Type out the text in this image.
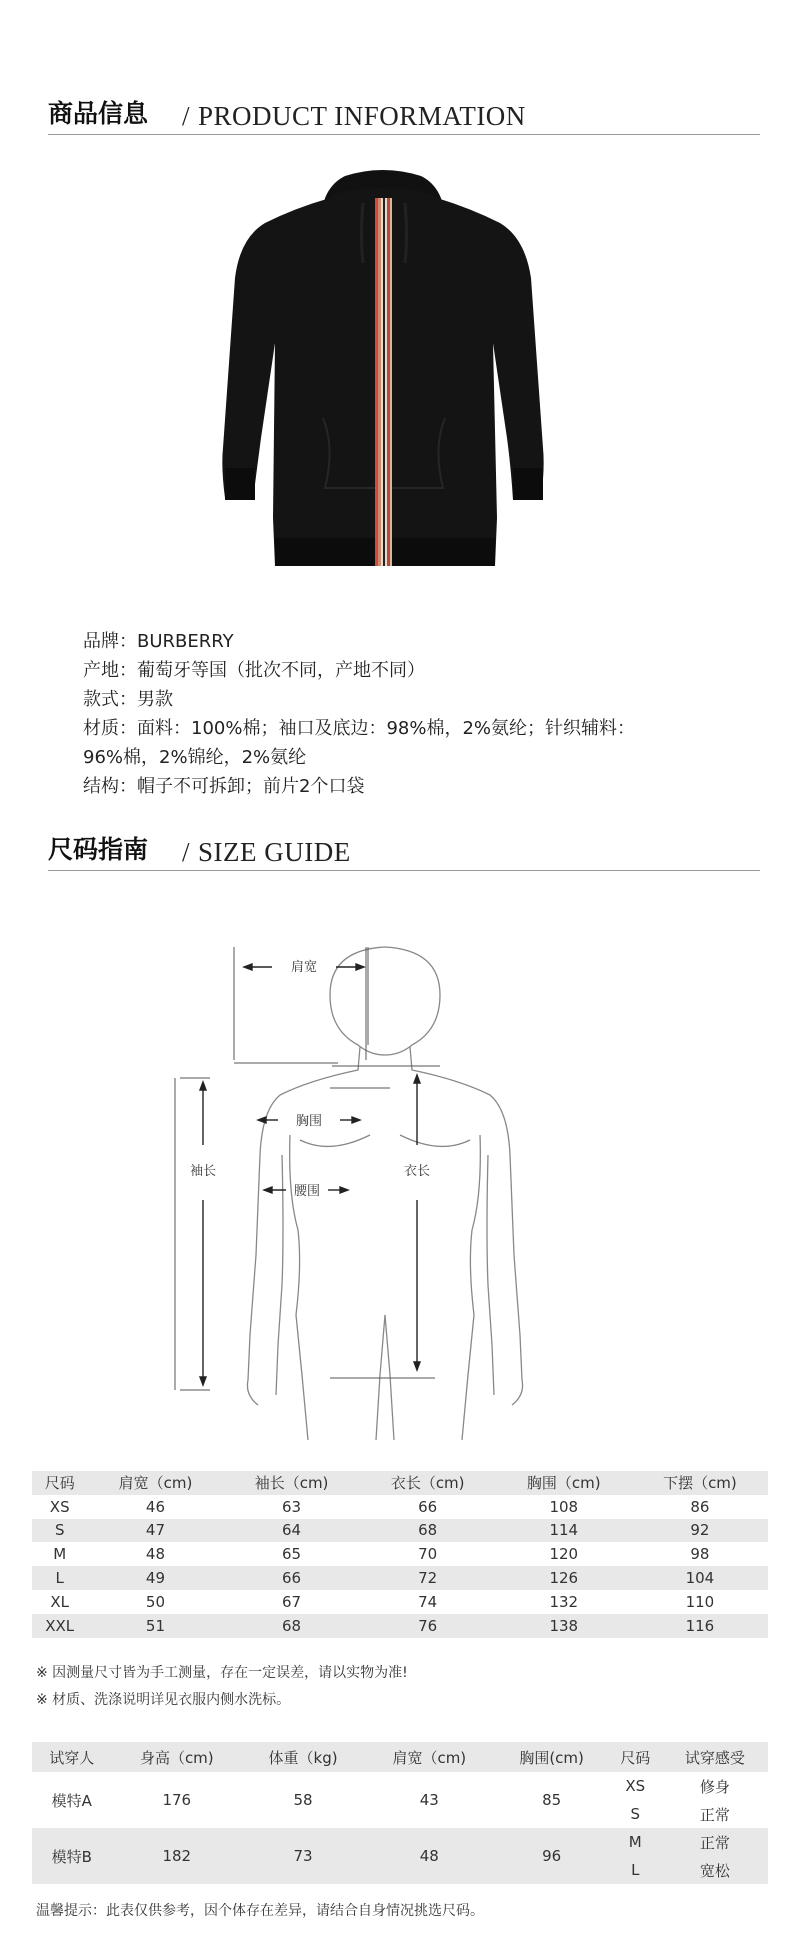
商品信息 / PRODUCT INFORMATION
品牌：BURBERRY
产地：葡萄牙等国（批次不同，产地不同）
款式：男款
材质：面料：100%棉；袖口及底边：98%棉，2%氨纶；针织辅料：
96%棉，2%锦纶，2%氨纶
结构：帽子不可拆卸；前片2个口袋
尺码指南 / SIZE GUIDE
肩宽
胸围
腰围
袖长	衣长
尺码	肩宽（cm)	袖长（cm)	衣长（cm)	胸围（cm)	下摆（cm)
XS	46	63	66	108	86
S	47	64	68	114	92
M	48	65	70	120	98
L	49	66	72	126	104
XL	50	67	74	132	110
XXL	51	68	76	138	116
※ 因测量尺寸皆为手工测量，存在一定误差，请以实物为准!
※ 材质、洗涤说明详见衣服内侧水洗标。
试穿人	身高（cm)	体重（kg)	肩宽（cm)	胸围(cm)	尺码	试穿感受
模特A	176	58	43	85	XS	修身
					S	正常
模特B	182	73	48	96	M	正常
					L	宽松
温馨提示：此表仅供参考，因个体存在差异，请结合自身情况挑选尺码。
